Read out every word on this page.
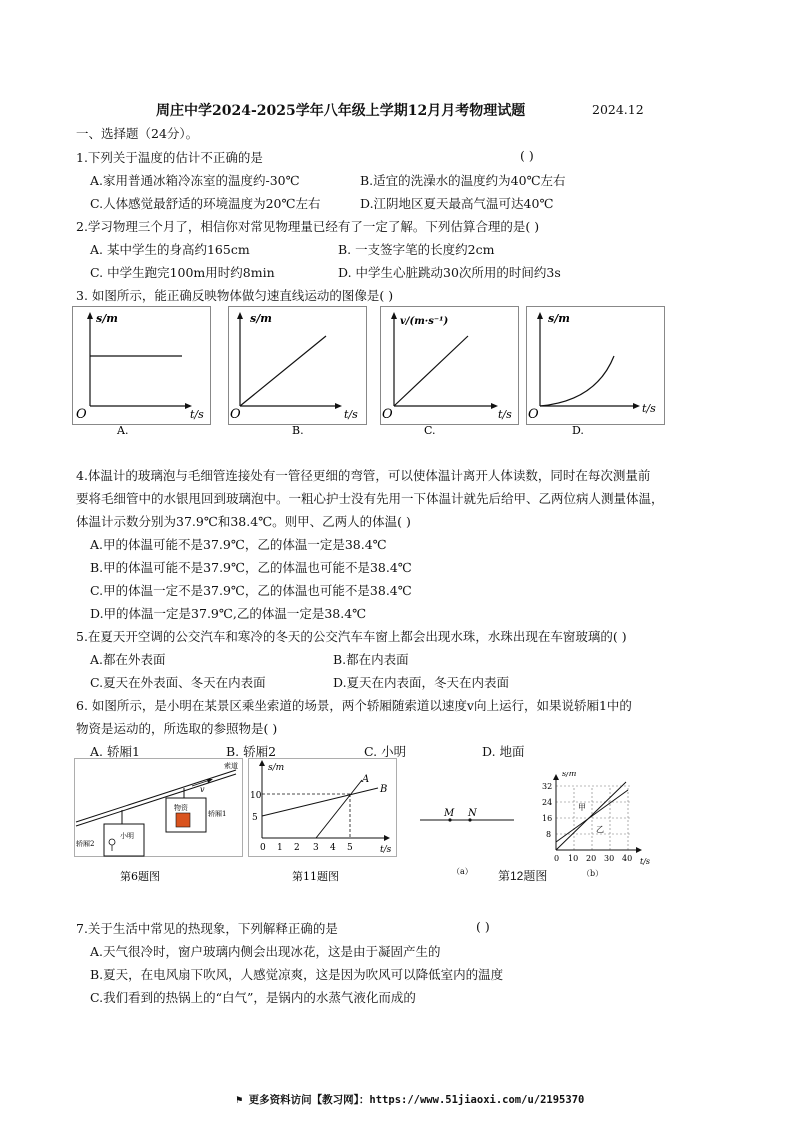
周庄中学2024-2025学年八年级上学期12月月考物理试题	2024.12
一、选择题（24分）。
1.下列关于温度的估计不正确的是	( )
A.家用普通冰箱冷冻室的温度约-30℃	B.适宜的洗澡水的温度约为40℃左右
C.人体感觉最舒适的环境温度为20℃左右	D.江阴地区夏天最高气温可达40℃
2.学习物理三个月了，相信你对常见物理量已经有了一定了解。下列估算合理的是( )
A. 某中学生的身高约165cm	B. 一支签字笔的长度约2cm
C. 中学生跑完100m用时约8min	D. 中学生心脏跳动30次所用的时间约3s
3. 如图所示，能正确反映物体做匀速直线运动的图像是( )
s/m
t/s
O
A.
s/m
t/s
O
B.
v/(m·s⁻¹)
t/s
O
C.
s/m
t/s
O
D.
4.体温计的玻璃泡与毛细管连接处有一管径更细的弯管，可以使体温计离开人体读数，同时在每次测量前
要将毛细管中的水银甩回到玻璃泡中。一粗心护士没有先用一下体温计就先后给甲、乙两位病人测量体温，
体温计示数分别为37.9℃和38.4℃。则甲、乙两人的体温( )
A.甲的体温可能不是37.9℃，乙的体温一定是38.4℃
B.甲的体温可能不是37.9℃，乙的体温也可能不是38.4℃
C.甲的体温一定不是37.9℃，乙的体温也可能不是38.4℃
D.甲的体温一定是37.9℃,乙的体温一定是38.4℃
5.在夏天开空调的公交汽车和寒冷的冬天的公交汽车车窗上都会出现水珠，水珠出现在车窗玻璃的( )
A.都在外表面	B.都在内表面
C.夏天在外表面、冬天在内表面	D.夏天在内表面，冬天在内表面
6. 如图所示，是小明在某景区乘坐索道的场景，两个轿厢随索道以速度v向上运行，如果说轿厢1中的
物资是运动的，所选取的参照物是( )
A. 轿厢1	B. 轿厢2	C. 小明	D. 地面
索道
v
物资
轿厢1
小明
轿厢2
第6题图
s/m
A
B
5
10
0 1 2 3 4 5	t/s
第11题图
M N
（a）
s/m
32
24
16
8
0 10 20 30 40 t/s
甲
乙
第12题图	（b）
7.关于生活中常见的热现象，下列解释正确的是	( )
A.天气很冷时，窗户玻璃内侧会出现冰花，这是由于凝固产生的
B.夏天，在电风扇下吹风，人感觉凉爽，这是因为吹风可以降低室内的温度
C.我们看到的热锅上的“白气”，是锅内的水蒸气液化而成的
⚑ 更多资料访问【教习网】：https://www.51jiaoxi.com/u/2195370
